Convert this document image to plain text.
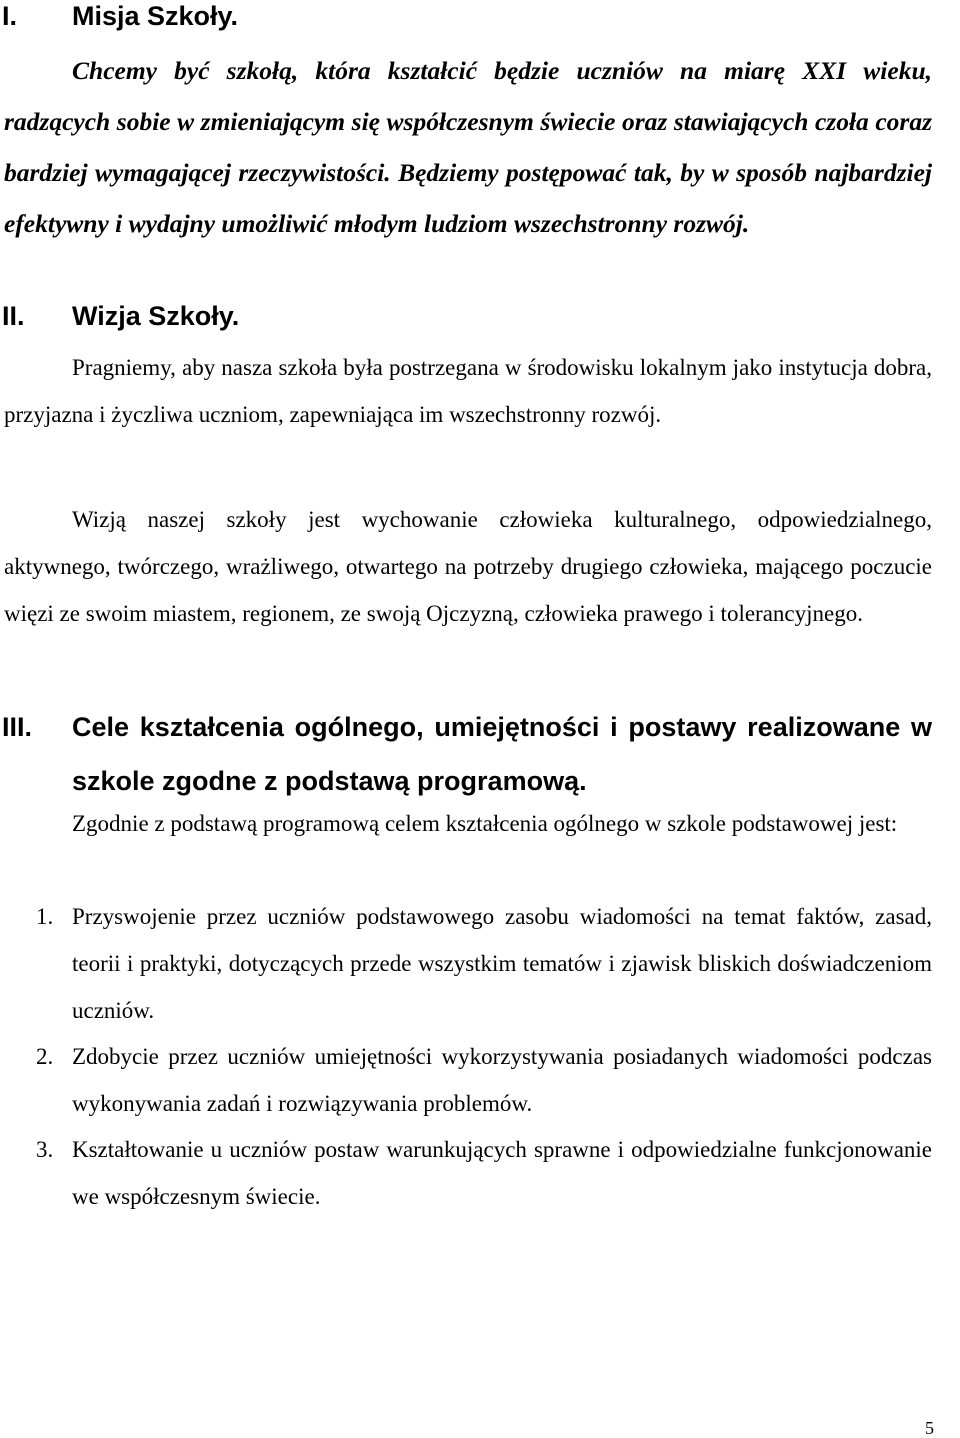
I. Misja Szkoły.

Chcemy być szkołą, która kształcić będzie uczniów na miarę XXI wieku, radzących sobie w zmieniającym się współczesnym świecie oraz stawiających czoła coraz bardziej wymagającej rzeczywistości. Będziemy postępować tak, by w sposób najbardziej efektywny i wydajny umożliwić młodym ludziom wszechstronny rozwój.

II. Wizja Szkoły.

Pragniemy, aby nasza szkoła była postrzegana w środowisku lokalnym jako instytucja dobra, przyjazna i życzliwa uczniom, zapewniająca im wszechstronny rozwój.

Wizją naszej szkoły jest wychowanie człowieka kulturalnego, odpowiedzialnego, aktywnego, twórczego, wrażliwego, otwartego na potrzeby drugiego człowieka, mającego poczucie więzi ze swoim miastem, regionem, ze swoją Ojczyzną, człowieka prawego i tolerancyjnego.

III. Cele kształcenia ogólnego, umiejętności i postawy realizowane w szkole zgodne z podstawą programową.

Zgodnie z podstawą programową celem kształcenia ogólnego w szkole podstawowej jest:

1. Przyswojenie przez uczniów podstawowego zasobu wiadomości na temat faktów, zasad, teorii i praktyki, dotyczących przede wszystkim tematów i zjawisk bliskich doświadczeniom uczniów.
2. Zdobycie przez uczniów umiejętności wykorzystywania posiadanych wiadomości podczas wykonywania zadań i rozwiązywania problemów.
3. Kształtowanie u uczniów postaw warunkujących sprawne i odpowiedzialne funkcjonowanie we współczesnym świecie.
5
